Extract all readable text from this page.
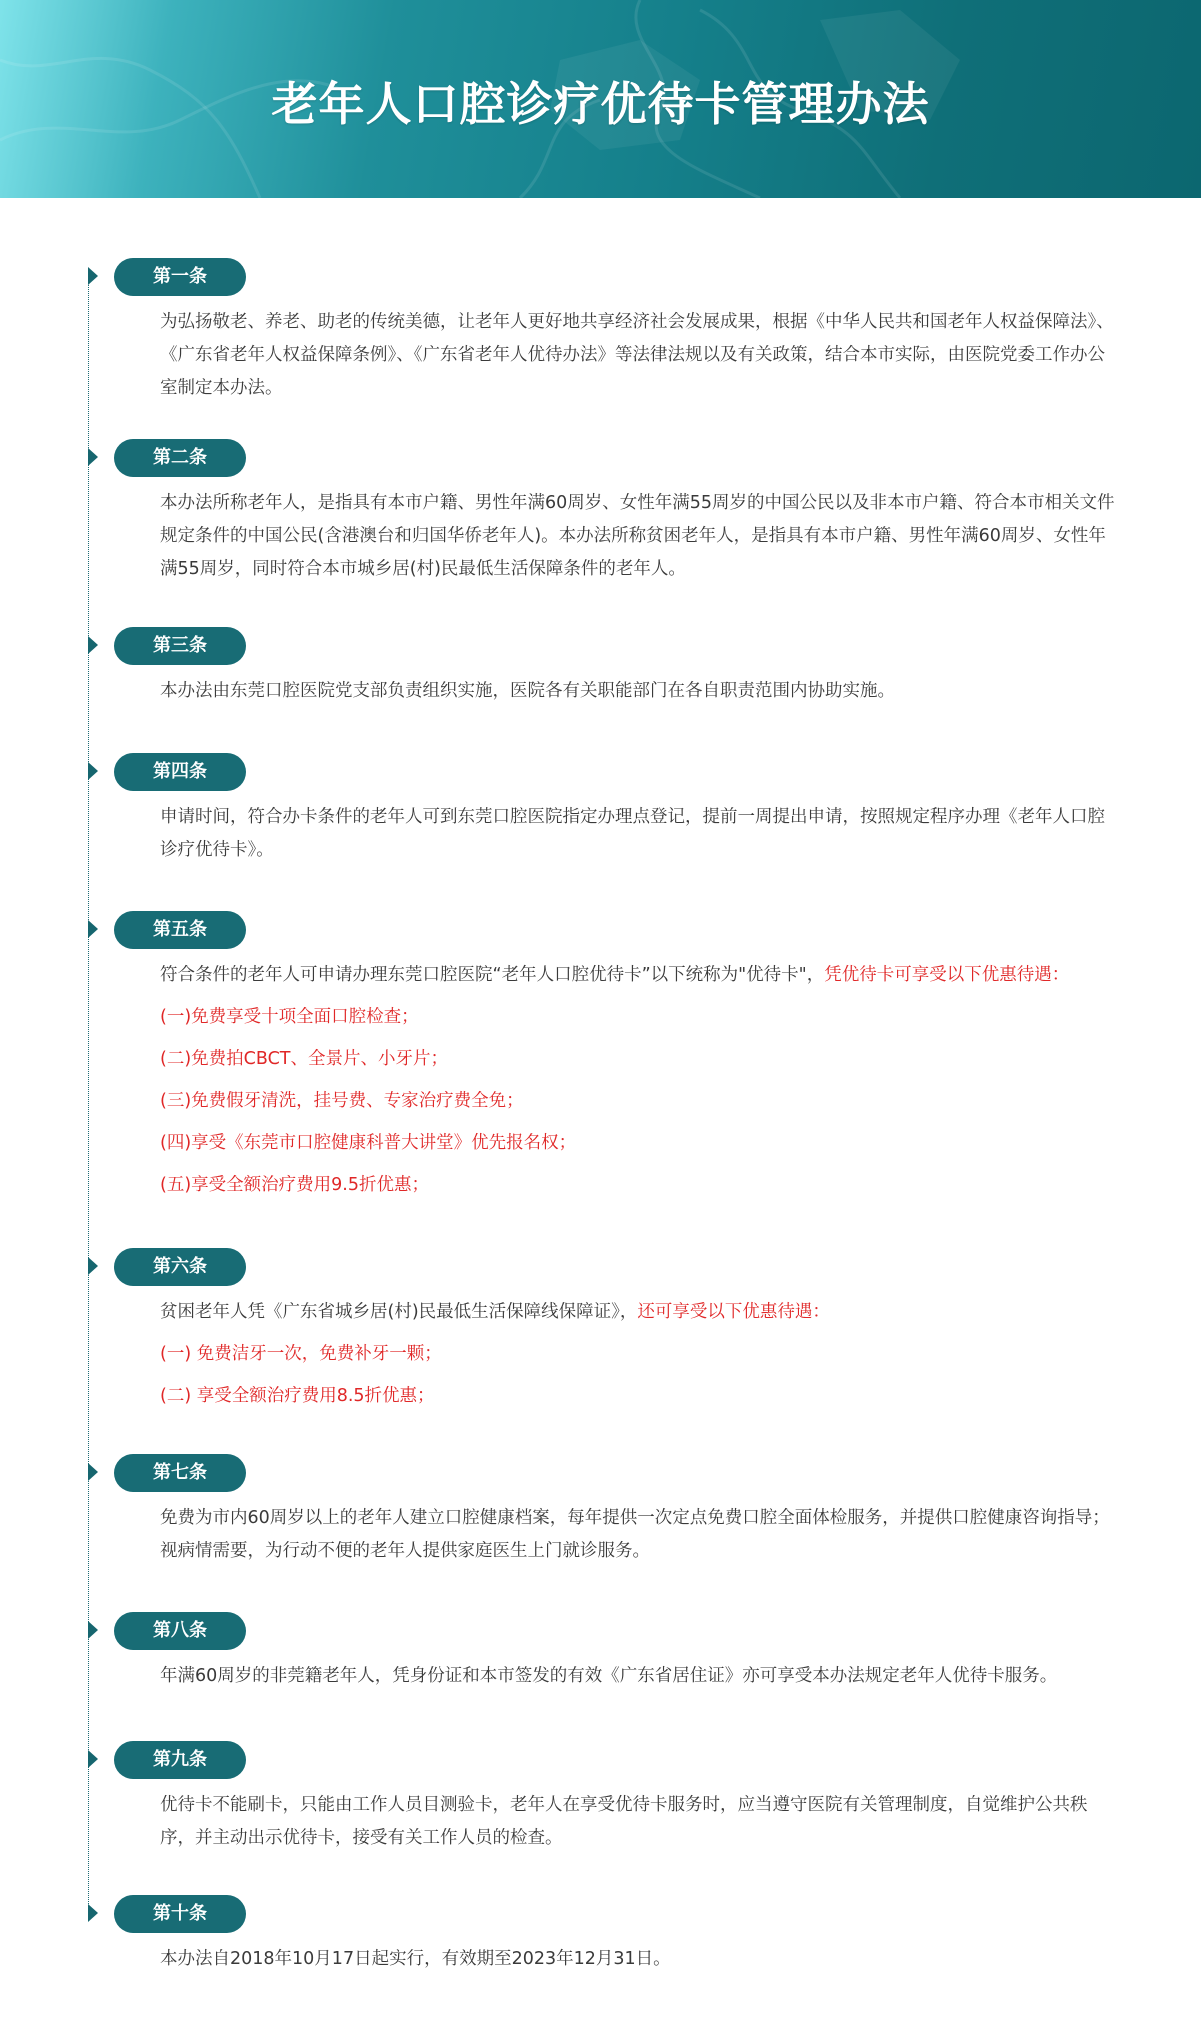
老年人口腔诊疗优待卡管理办法
第一条

为弘扬敬老、养老、助老的传统美德，让老年人更好地共享经济社会发展成果，根据《中华人民共和国老年人权益保障法》、《广东省老年人权益保障条例》、《广东省老年人优待办法》等法律法规以及有关政策，结合本市实际，由医院党委工作办公室制定本办法。

第二条

本办法所称老年人，是指具有本市户籍、男性年满60周岁、女性年满55周岁的中国公民以及非本市户籍、符合本市相关文件规定条件的中国公民(含港澳台和归国华侨老年人)。本办法所称贫困老年人，是指具有本市户籍、男性年满60周岁、女性年满55周岁，同时符合本市城乡居(村)民最低生活保障条件的老年人。

第三条

本办法由东莞口腔医院党支部负责组织实施，医院各有关职能部门在各自职责范围内协助实施。

第四条

申请时间，符合办卡条件的老年人可到东莞口腔医院指定办理点登记，提前一周提出申请，按照规定程序办理《老年人口腔诊疗优待卡》。

第五条

符合条件的老年人可申请办理东莞口腔医院“老年人口腔优待卡”以下统称为"优待卡"，凭优待卡可享受以下优惠待遇：

(一)免费享受十项全面口腔检查；

(二)免费拍CBCT、全景片、小牙片；

(三)免费假牙清洗，挂号费、专家治疗费全免；

(四)享受《东莞市口腔健康科普大讲堂》优先报名权；

(五)享受全额治疗费用9.5折优惠；

第六条

贫困老年人凭《广东省城乡居(村)民最低生活保障线保障证》，还可享受以下优惠待遇：

(一) 免费洁牙一次，免费补牙一颗；

(二) 享受全额治疗费用8.5折优惠；

第七条

免费为市内60周岁以上的老年人建立口腔健康档案，每年提供一次定点免费口腔全面体检服务，并提供口腔健康咨询指导；视病情需要，为行动不便的老年人提供家庭医生上门就诊服务。

第八条

年满60周岁的非莞籍老年人，凭身份证和本市签发的有效《广东省居住证》亦可享受本办法规定老年人优待卡服务。

第九条

优待卡不能刷卡，只能由工作人员目测验卡，老年人在享受优待卡服务时，应当遵守医院有关管理制度，自觉维护公共秩序，并主动出示优待卡，接受有关工作人员的检查。

第十条

本办法自2018年10月17日起实行，有效期至2023年12月31日。
